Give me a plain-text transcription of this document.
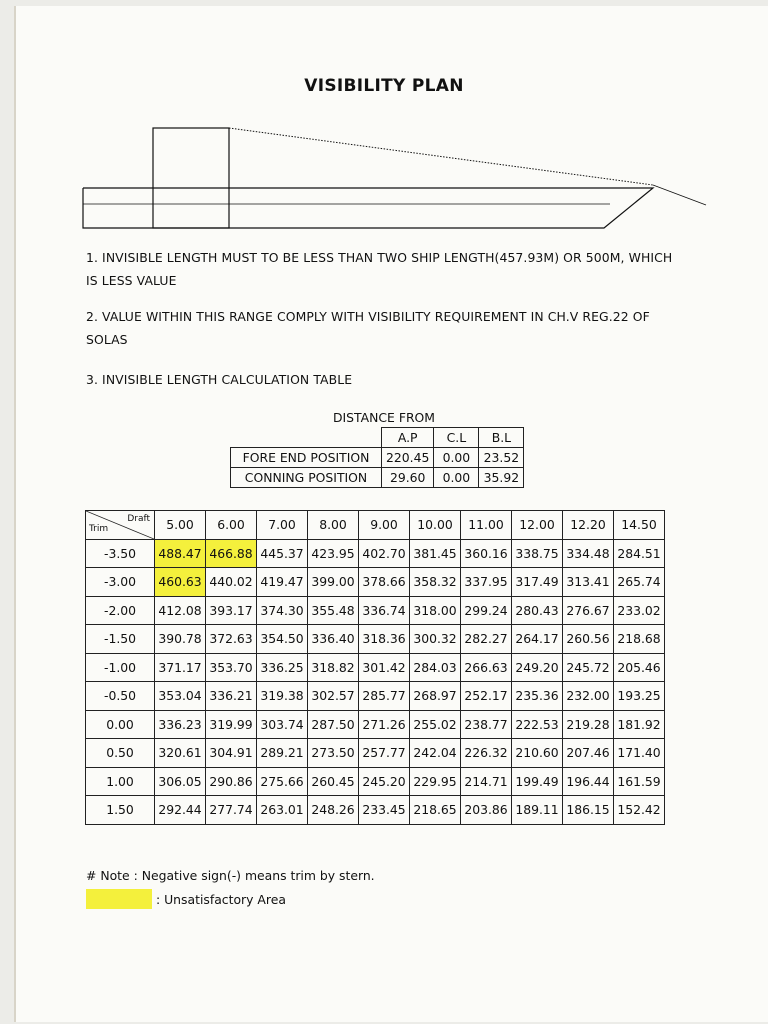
VISIBILITY PLAN
1. INVISIBLE LENGTH MUST TO BE LESS THAN TWO SHIP LENGTH(457.93M) OR 500M, WHICH
IS LESS VALUE
2. VALUE WITHIN THIS RANGE COMPLY WITH VISIBILITY REQUIREMENT IN CH.V REG.22 OF
SOLAS
3. INVISIBLE LENGTH CALCULATION TABLE
DISTANCE FROM
	A.P	C.L	B.L
FORE END POSITION	220.45	0.00	23.52
CONNING POSITION	29.60	0.00	35.92
Trim
Draft	5.00	6.00	7.00	8.00	9.00	10.00	11.00	12.00	12.20	14.50
-3.50	488.47	466.88	445.37	423.95	402.70	381.45	360.16	338.75	334.48	284.51
-3.00	460.63	440.02	419.47	399.00	378.66	358.32	337.95	317.49	313.41	265.74
-2.00	412.08	393.17	374.30	355.48	336.74	318.00	299.24	280.43	276.67	233.02
-1.50	390.78	372.63	354.50	336.40	318.36	300.32	282.27	264.17	260.56	218.68
-1.00	371.17	353.70	336.25	318.82	301.42	284.03	266.63	249.20	245.72	205.46
-0.50	353.04	336.21	319.38	302.57	285.77	268.97	252.17	235.36	232.00	193.25
0.00	336.23	319.99	303.74	287.50	271.26	255.02	238.77	222.53	219.28	181.92
0.50	320.61	304.91	289.21	273.50	257.77	242.04	226.32	210.60	207.46	171.40
1.00	306.05	290.86	275.66	260.45	245.20	229.95	214.71	199.49	196.44	161.59
1.50	292.44	277.74	263.01	248.26	233.45	218.65	203.86	189.11	186.15	152.42
# Note : Negative sign(-) means trim by stern.
: Unsatisfactory Area
